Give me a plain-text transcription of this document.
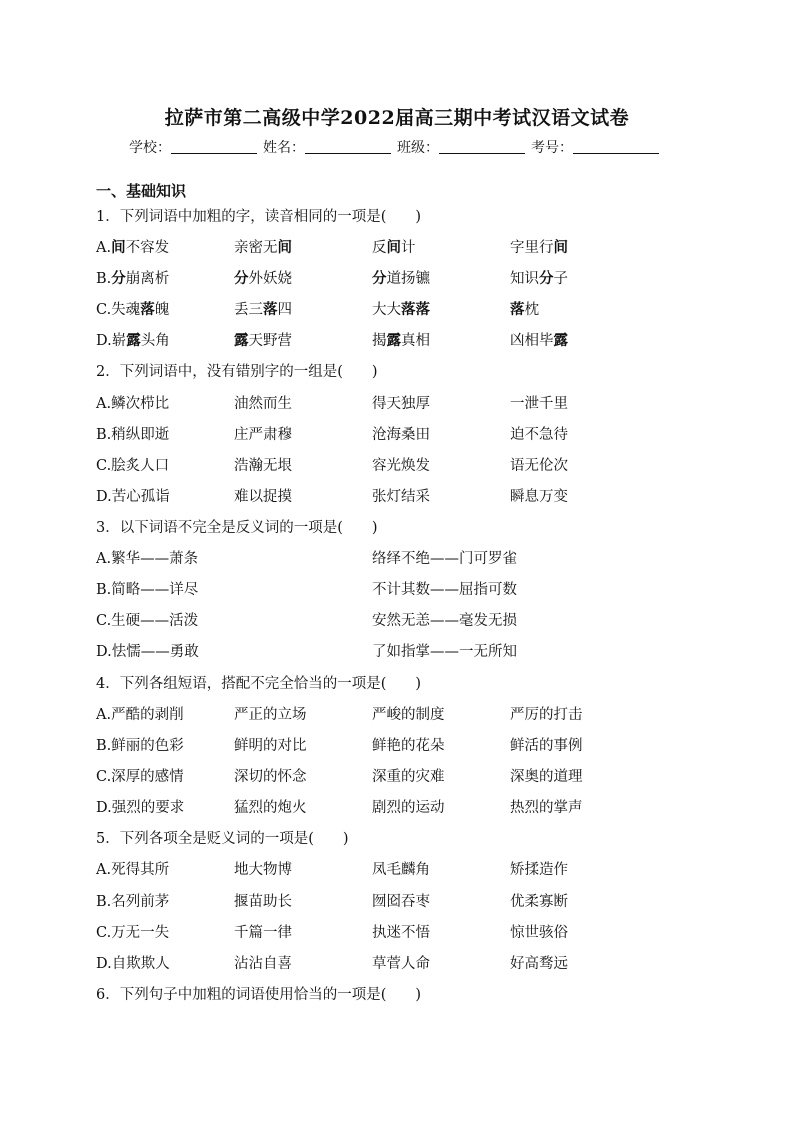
拉萨市第二高级中学2022届高三期中考试汉语文试卷
学校：	姓名：	班级：	考号：
一、基础知识
1．下列词语中加粗的字，读音相同的一项是(　　)
A.间不容发	亲密无间	反间计	字里行间
B.分崩离析	分外妖娆	分道扬镳	知识分子
C.失魂落魄	丢三落四	大大落落	落枕
D.崭露头角	露天野营	揭露真相	凶相毕露
2．下列词语中，没有错别字的一组是(　　)
A.鳞次栉比	油然而生	得天独厚	一泄千里
B.稍纵即逝	庄严肃穆	沧海桑田	迫不急待
C.脍炙人口	浩瀚无垠	容光焕发	语无伦次
D.苦心孤诣	难以捉摸	张灯结采	瞬息万变
3．以下词语不完全是反义词的一项是(　　)
A.繁华——萧条	络绎不绝——门可罗雀
B.简略——详尽	不计其数——屈指可数
C.生硬——活泼	安然无恙——毫发无损
D.怯懦——勇敢	了如指掌——一无所知
4．下列各组短语，搭配不完全恰当的一项是(　　)
A.严酷的剥削	严正的立场	严峻的制度	严厉的打击
B.鲜丽的色彩	鲜明的对比	鲜艳的花朵	鲜活的事例
C.深厚的感情	深切的怀念	深重的灾难	深奥的道理
D.强烈的要求	猛烈的炮火	剧烈的运动	热烈的掌声
5．下列各项全是贬义词的一项是(　　)
A.死得其所	地大物博	凤毛麟角	矫揉造作
B.名列前茅	揠苗助长	囫囵吞枣	优柔寡断
C.万无一失	千篇一律	执迷不悟	惊世骇俗
D.自欺欺人	沾沾自喜	草菅人命	好高骛远
6．下列句子中加粗的词语使用恰当的一项是(　　)
